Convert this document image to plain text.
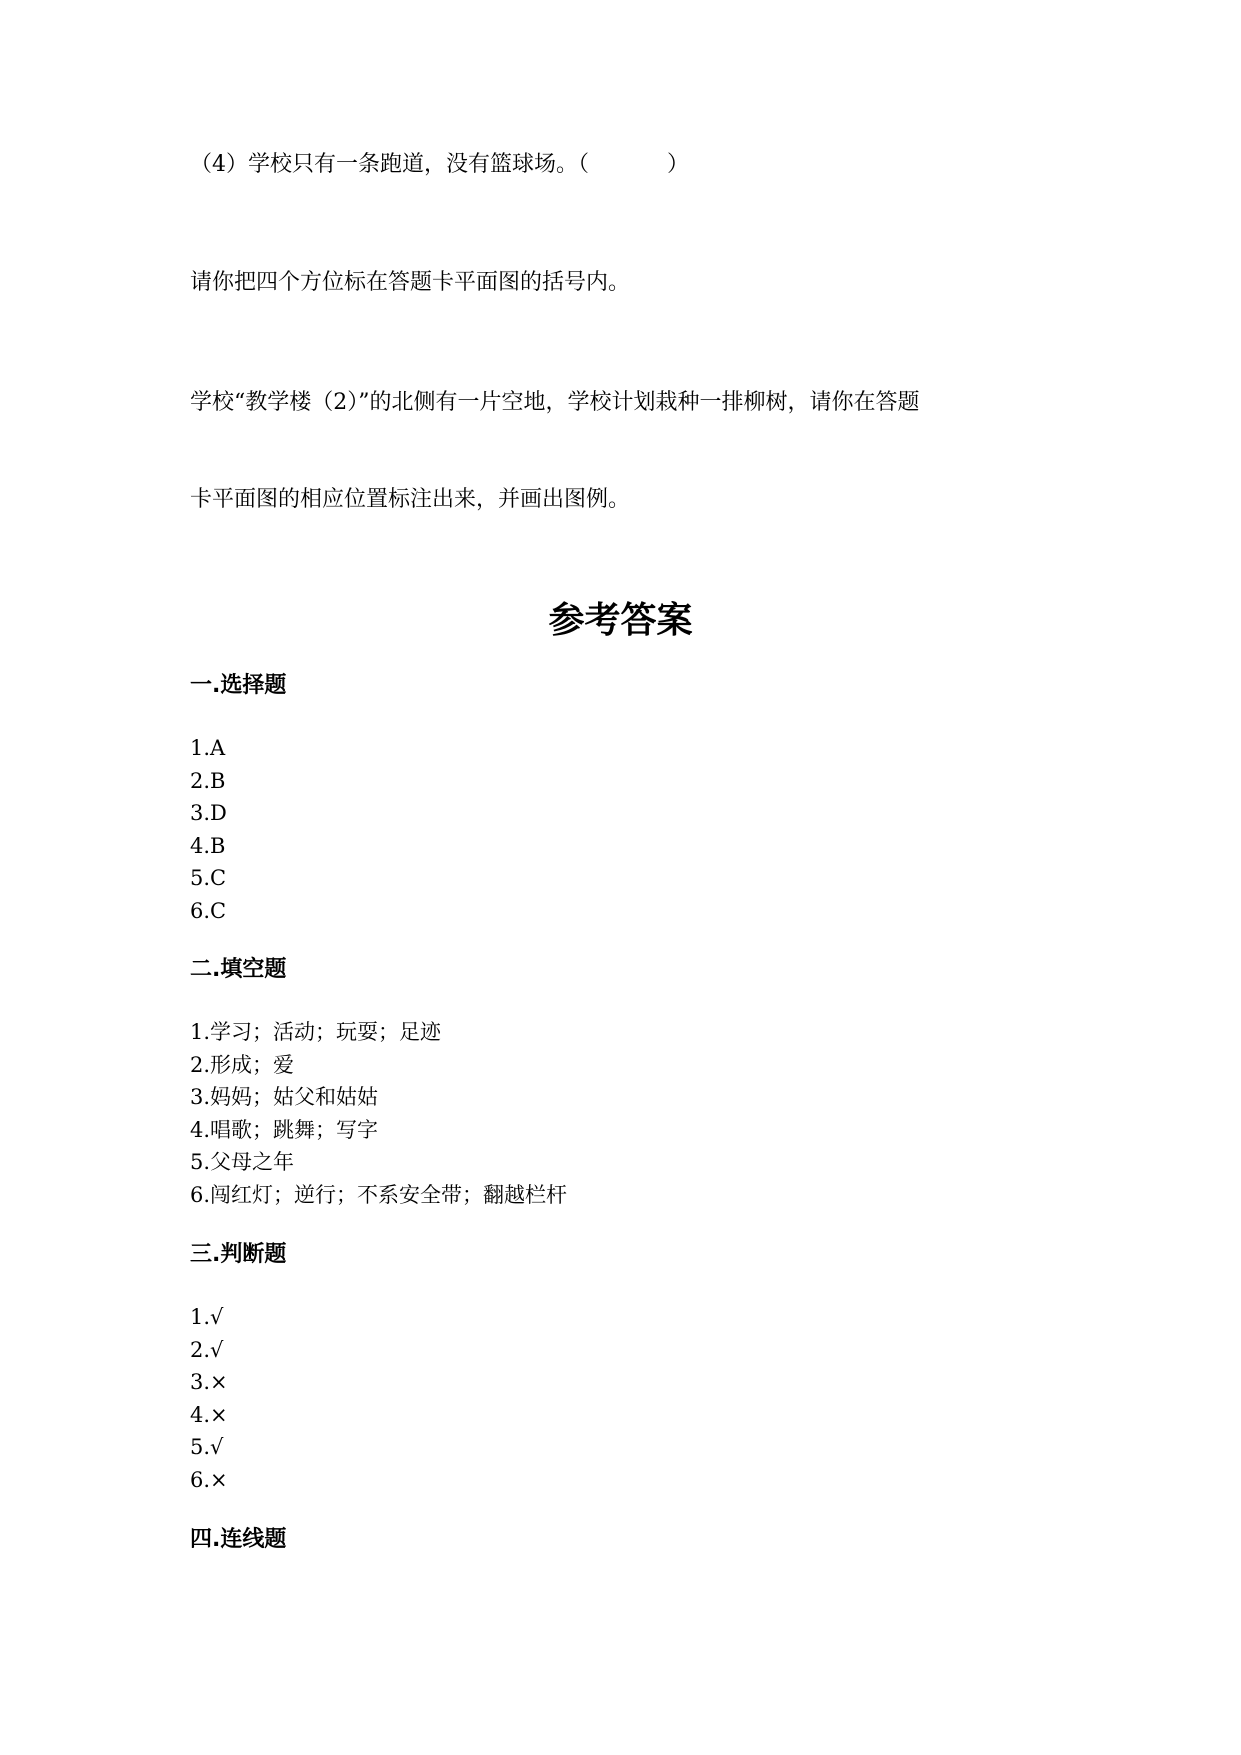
（4）学校只有一条跑道，没有篮球场。（	）
请你把四个方位标在答题卡平面图的括号内。
学校“教学楼（2）”的北侧有一片空地，学校计划栽种一排柳树，请你在答题
卡平面图的相应位置标注出来，并画出图例。
参考答案
一.选择题
1.A
2.B
3.D
4.B
5.C
6.C
二.填空题
1.学习；活动；玩耍；足迹
2.形成；爱
3.妈妈；姑父和姑姑
4.唱歌；跳舞；写字
5.父母之年
6.闯红灯；逆行；不系安全带；翻越栏杆
三.判断题
1.√
2.√
3.×
4.×
5.√
6.×
四.连线题
